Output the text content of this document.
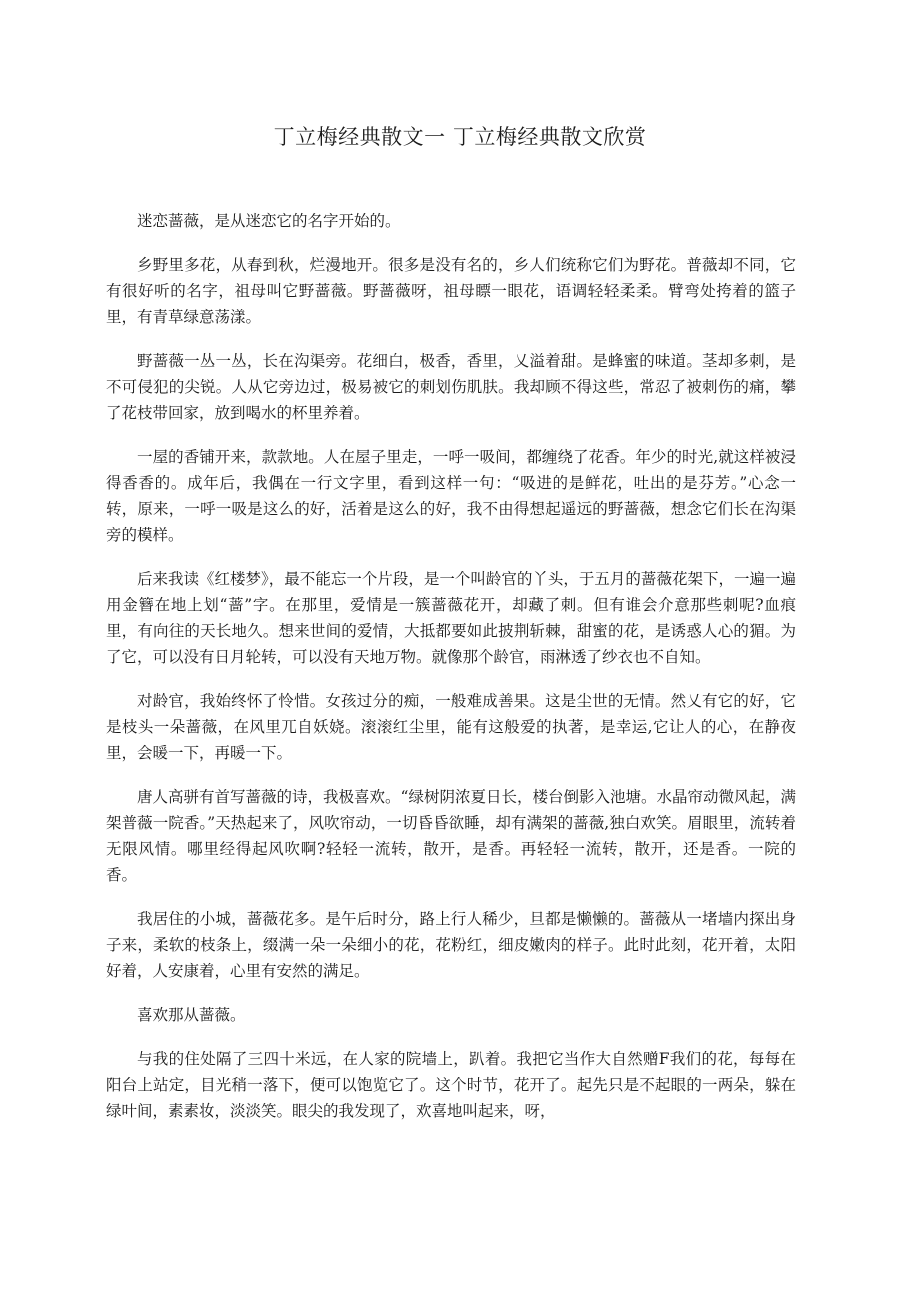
丁立梅经典散文一 丁立梅经典散文欣赏

迷恋蔷薇，是从迷恋它的名字开始的。

乡野里多花，从春到秋，烂漫地开。很多是没有名的，乡人们统称它们为野花。普薇却不同，它有很好听的名字，祖母叫它野蔷薇。野蔷薇呀，祖母瞟一眼花，语调轻轻柔柔。臂弯处挎着的篮子里，有青草绿意荡漾。

野蔷薇一丛一丛，长在沟渠旁。花细白，极香，香里，乂溢着甜。是蜂蜜的味道。茎却多刺，是不可侵犯的尖锐。人从它旁边过，极易被它的刺划伤肌肤。我却顾不得这些，常忍了被刺伤的痛，攀了花枝带回家，放到喝水的杯里养着。

一屋的香铺开来，款款地。人在屋子里走，一呼一吸间，都缠绕了花香。年少的时光,就这样被浸得香香的。成年后，我偶在一行文字里，看到这样一句：“吸进的是鲜花，吐出的是芬芳。”心念一转，原来，一呼一吸是这么的好，活着是这么的好，我不由得想起遥远的野蔷薇，想念它们长在沟渠旁的模样。

后来我读《红楼梦》，最不能忘一个片段，是一个叫龄官的丫头，于五月的蔷薇花架下，一遍一遍用金簪在地上划“蔷”字。在那里，爱情是一簇蔷薇花开，却藏了刺。但有谁会介意那些刺呢?血痕里，有向往的天长地久。想来世间的爱情，大抵都要如此披荆斩棘，甜蜜的花，是诱惑人心的猸。为了它，可以没有日月轮转，可以没有天地万物。就像那个龄官，雨淋透了纱衣也不自知。

对龄官，我始终怀了怜惜。女孩过分的痴，一般难成善果。这是尘世的无情。然乂有它的好，它是枝头一朵蔷薇，在风里兀自妖娆。滚滚红尘里，能有这般爱的执著，是幸运,它让人的心，在静夜里，会暖一下，再暖一下。

唐人高骈有首写蔷薇的诗，我极喜欢。“绿树阴浓夏日长，楼台倒影入池塘。水晶帘动微风起，满架普薇一院香。”天热起来了，风吹帘动，一切昏昏欲睡，却有满架的蔷薇,独白欢笑。眉眼里，流转着无限风情。哪里经得起风吹啊?轻轻一流转，散开，是香。再轻轻一流转，散开，还是香。一院的香。

我居住的小城，蔷薇花多。是午后时分，路上行人稀少，旦都是懒懒的。蔷薇从一堵墙内探出身子来，柔软的枝条上，缀满一朵一朵细小的花，花粉红，细皮嫩肉的样子。此时此刻，花开着，太阳好着，人安康着，心里有安然的满足。

喜欢那从蔷薇。

与我的住处隔了三四十米远，在人家的院墙上，趴着。我把它当作大自然赠F我们的花，每每在阳台上站定，目光稍一落下，便可以饱览它了。这个时节，花开了。起先只是不起眼的一两朵，躲在绿叶间，素素妆，淡淡笑。眼尖的我发现了，欢喜地叫起来，呀，
